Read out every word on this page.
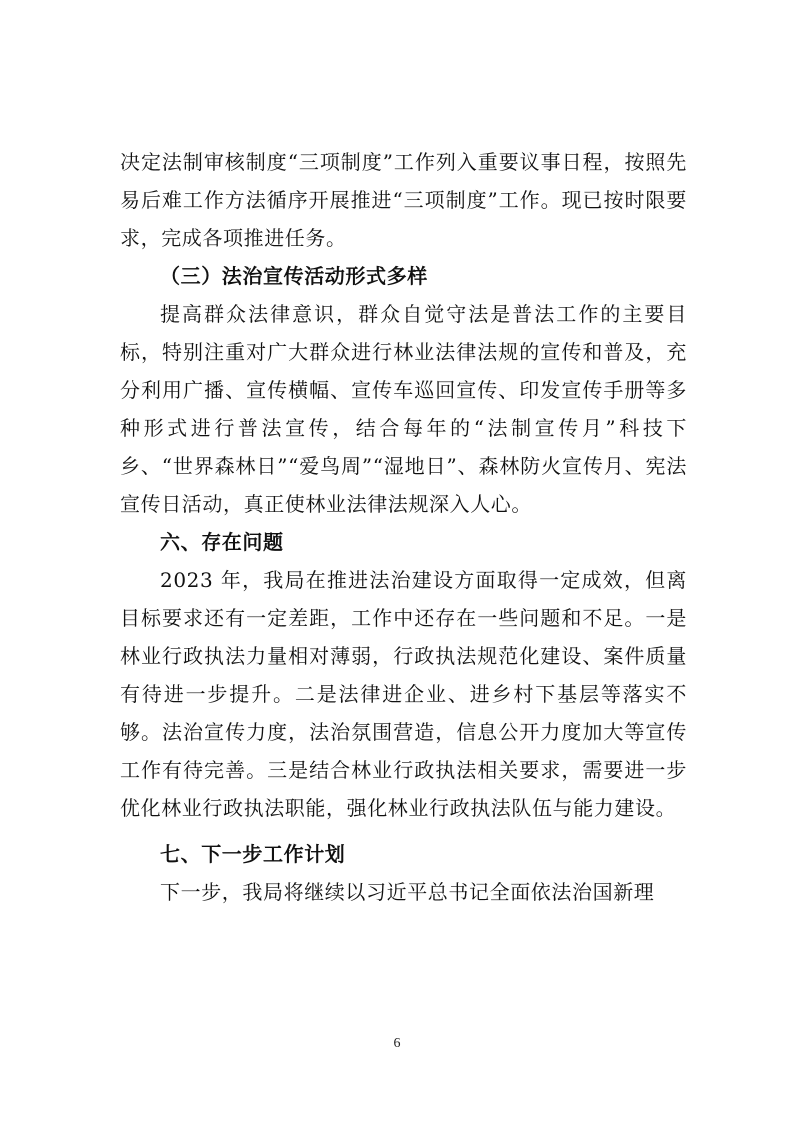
决定法制审核制度“三项制度”工作列入重要议事日程，按照先易后难工作方法循序开展推进“三项制度”工作。现已按时限要求，完成各项推进任务。

（三）法治宣传活动形式多样

提高群众法律意识，群众自觉守法是普法工作的主要目标，特别注重对广大群众进行林业法律法规的宣传和普及，充分利用广播、宣传横幅、宣传车巡回宣传、印发宣传手册等多种形式进行普法宣传，结合每年的“法制宣传月”科技下乡、“世界森林日”“爱鸟周”“湿地日”、森林防火宣传月、宪法宣传日活动，真正使林业法律法规深入人心。

六、存在问题

2023 年，我局在推进法治建设方面取得一定成效，但离目标要求还有一定差距，工作中还存在一些问题和不足。一是林业行政执法力量相对薄弱，行政执法规范化建设、案件质量有待进一步提升。二是法律进企业、进乡村下基层等落实不够。法治宣传力度，法治氛围营造，信息公开力度加大等宣传工作有待完善。三是结合林业行政执法相关要求，需要进一步优化林业行政执法职能，强化林业行政执法队伍与能力建设。

七、下一步工作计划

下一步，我局将继续以习近平总书记全面依法治国新理

6
